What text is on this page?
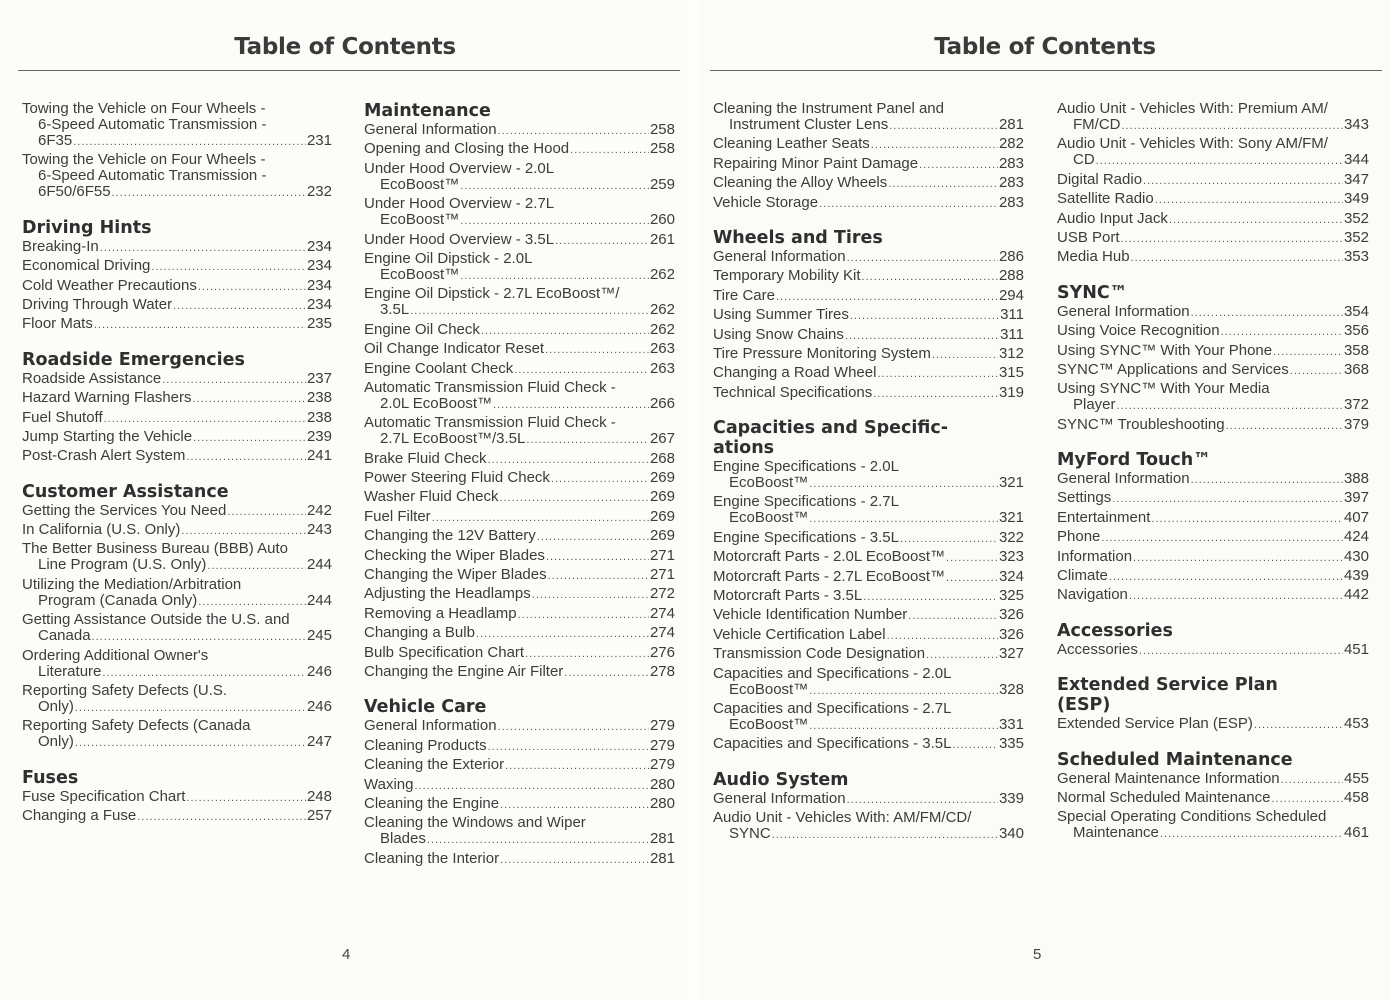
Table of Contents
Towing the Vehicle on Four Wheels -
6-Speed Automatic Transmission -
6F35 .....	231
Towing the Vehicle on Four Wheels -
6-Speed Automatic Transmission -
6F50/6F55 .....	232
Driving Hints
Breaking-In .....	234
Economical Driving .....	234
Cold Weather Precautions .....	234
Driving Through Water .....	234
Floor Mats .....	235
Roadside Emergencies
Roadside Assistance .....	237
Hazard Warning Flashers .....	238
Fuel Shutoff .....	238
Jump Starting the Vehicle .....	239
Post-Crash Alert System .....	241
Customer Assistance
Getting the Services You Need .....	242
In California (U.S. Only) .....	243
The Better Business Bureau (BBB) Auto
Line Program (U.S. Only) .....	244
Utilizing the Mediation/Arbitration
Program (Canada Only) .....	244
Getting Assistance Outside the U.S. and
Canada .....	245
Ordering Additional Owner's
Literature .....	246
Reporting Safety Defects (U.S.
Only) .....	246
Reporting Safety Defects (Canada
Only) .....	247
Fuses
Fuse Specification Chart .....	248
Changing a Fuse .....	257
Maintenance
General Information .....	258
Opening and Closing the Hood .....	258
Under Hood Overview - 2.0L
EcoBoost™ .....	259
Under Hood Overview - 2.7L
EcoBoost™ .....	260
Under Hood Overview - 3.5L .....	261
Engine Oil Dipstick - 2.0L
EcoBoost™ .....	262
Engine Oil Dipstick - 2.7L EcoBoost™/
3.5L .....	262
Engine Oil Check .....	262
Oil Change Indicator Reset .....	263
Engine Coolant Check .....	263
Automatic Transmission Fluid Check -
2.0L EcoBoost™ .....	266
Automatic Transmission Fluid Check -
2.7L EcoBoost™/3.5L .....	267
Brake Fluid Check .....	268
Power Steering Fluid Check .....	269
Washer Fluid Check .....	269
Fuel Filter .....	269
Changing the 12V Battery .....	269
Checking the Wiper Blades .....	271
Changing the Wiper Blades .....	271
Adjusting the Headlamps .....	272
Removing a Headlamp .....	274
Changing a Bulb .....	274
Bulb Specification Chart .....	276
Changing the Engine Air Filter .....	278
Vehicle Care
General Information .....	279
Cleaning Products .....	279
Cleaning the Exterior .....	279
Waxing .....	280
Cleaning the Engine .....	280
Cleaning the Windows and Wiper
Blades .....	281
Cleaning the Interior .....	281
4
Table of Contents
Cleaning the Instrument Panel and
Instrument Cluster Lens .....	281
Cleaning Leather Seats .....	282
Repairing Minor Paint Damage .....	283
Cleaning the Alloy Wheels .....	283
Vehicle Storage .....	283
Wheels and Tires
General Information .....	286
Temporary Mobility Kit .....	288
Tire Care .....	294
Using Summer Tires .....	311
Using Snow Chains .....	311
Tire Pressure Monitoring System .....	312
Changing a Road Wheel .....	315
Technical Specifications .....	319
Capacities and Specific-
ations
Engine Specifications - 2.0L
EcoBoost™ .....	321
Engine Specifications - 2.7L
EcoBoost™ .....	321
Engine Specifications - 3.5L .....	322
Motorcraft Parts - 2.0L EcoBoost™ .....	323
Motorcraft Parts - 2.7L EcoBoost™ .....	324
Motorcraft Parts - 3.5L .....	325
Vehicle Identification Number .....	326
Vehicle Certification Label .....	326
Transmission Code Designation .....	327
Capacities and Specifications - 2.0L
EcoBoost™ .....	328
Capacities and Specifications - 2.7L
EcoBoost™ .....	331
Capacities and Specifications - 3.5L .....	335
Audio System
General Information .....	339
Audio Unit - Vehicles With: AM/FM/CD/
SYNC .....	340
Audio Unit - Vehicles With: Premium AM/
FM/CD .....	343
Audio Unit - Vehicles With: Sony AM/FM/
CD .....	344
Digital Radio .....	347
Satellite Radio .....	349
Audio Input Jack .....	352
USB Port .....	352
Media Hub .....	353
SYNC™
General Information .....	354
Using Voice Recognition .....	356
Using SYNC™ With Your Phone .....	358
SYNC™ Applications and Services .....	368
Using SYNC™ With Your Media
Player .....	372
SYNC™ Troubleshooting .....	379
MyFord Touch™
General Information .....	388
Settings .....	397
Entertainment .....	407
Phone .....	424
Information .....	430
Climate .....	439
Navigation .....	442
Accessories
Accessories .....	451
Extended Service Plan
(ESP)
Extended Service Plan (ESP) .....	453
Scheduled Maintenance
General Maintenance Information .....	455
Normal Scheduled Maintenance .....	458
Special Operating Conditions Scheduled
Maintenance .....	461
5
